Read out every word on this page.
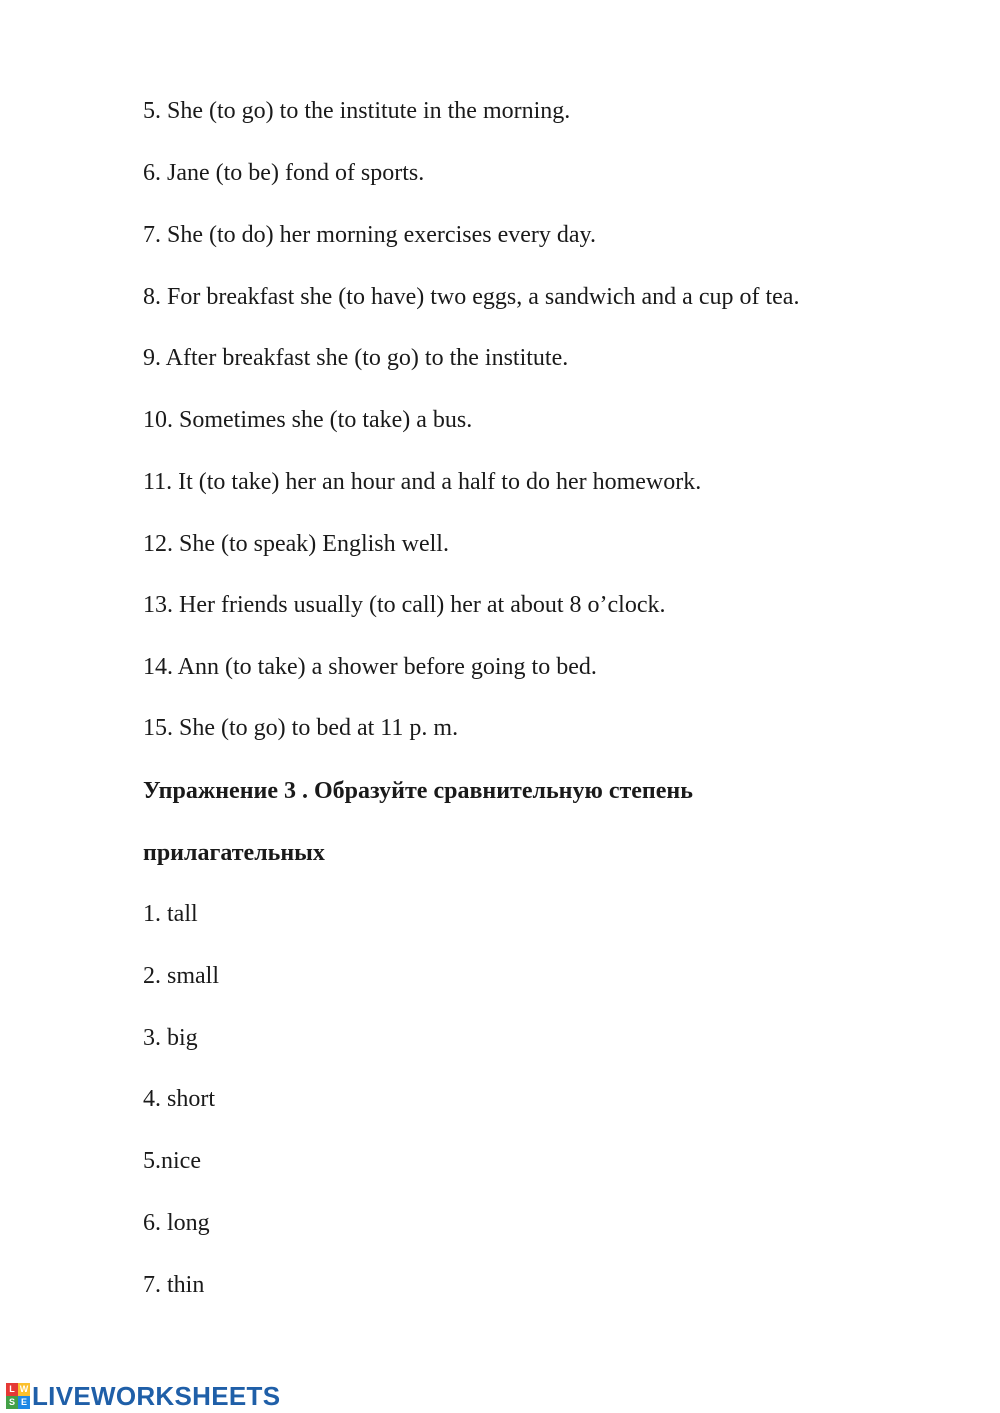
5. She (to go) to the institute in the morning.
6. Jane (to be) fond of sports.
7. She (to do) her morning exercises every day.
8. For breakfast she (to have) two eggs, a sandwich and a cup of tea.
9. After breakfast she (to go) to the institute.
10. Sometimes she (to take) a bus.
11. It (to take) her an hour and a half to do her homework.
12. She (to speak) English well.
13. Her friends usually (to call) her at about 8 o’clock.
14. Ann (to take) a shower before going to bed.
15. She (to go) to bed at 11 p. m.
Упражнение 3 . Образуйте сравнительную степень
прилагательных
1. tall
2. small
3. big
4. short
5.nice
6. long
7. thin
L W
S E LIVEWORKSHEETS
